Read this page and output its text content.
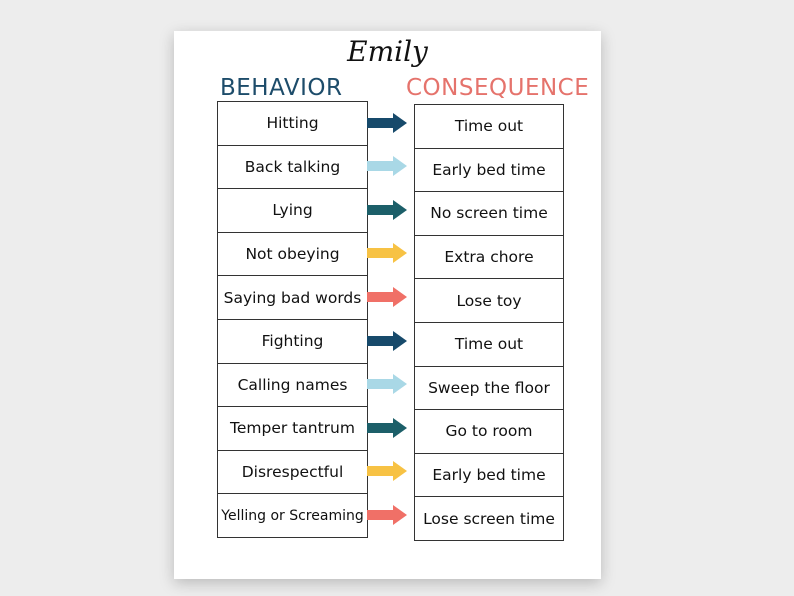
Emily
BEHAVIOR	CONSEQUENCE
Hitting
Back talking
Lying
Not obeying
Saying bad words
Fighting
Calling names
Temper tantrum
Disrespectful
Yelling or Screaming
Time out
Early bed time
No screen time
Extra chore
Lose toy
Time out
Sweep the floor
Go to room
Early bed time
Lose screen time
